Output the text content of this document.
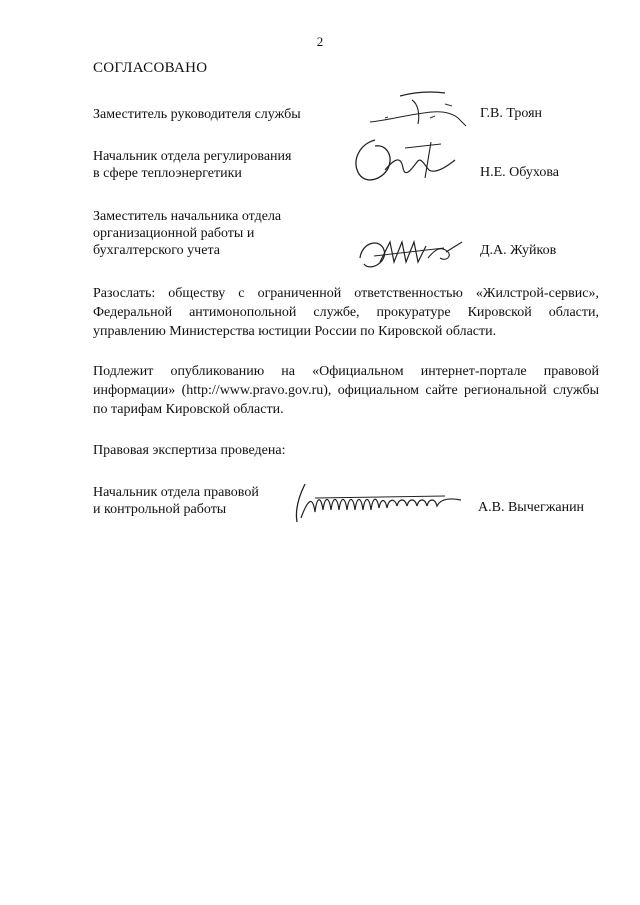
2
СОГЛАСОВАНО
Заместитель руководителя службы	Г.В. Троян
Начальник отдела регулирования
в сфере теплоэнергетики	Н.Е. Обухова
Заместитель начальника отдела
организационной работы и
бухгалтерского учета	Д.А. Жуйков

Разослать: обществу с ограниченной ответственностью «Жилстрой-сервис», Федеральной антимонопольной службе, прокуратуре Кировской области, управлению Министерства юстиции России по Кировской области.

Подлежит опубликованию на «Официальном интернет-портале правовой информации» (http://www.pravo.gov.ru), официальном сайте региональной службы по тарифам Кировской области.

Правовая экспертиза проведена:
Начальник отдела правовой
и контрольной работы	А.В. Вычегжанин
